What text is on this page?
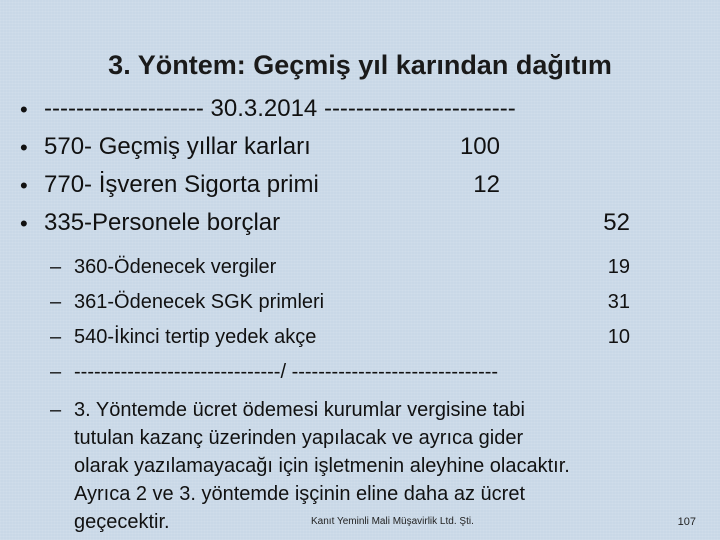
3. Yöntem: Geçmiş yıl karından dağıtım
• -------------------- 30.3.2014 ------------------------
• 570- Geçmiş yıllar karları	100
• 770- İşveren Sigorta primi	12
• 335-Personele borçlar	52
– 360-Ödenecek vergiler	19
– 361-Ödenecek SGK primleri	31
– 540-İkinci tertip yedek akçe	10
– -------------------------------/ -------------------------------
– 3. Yöntemde ücret ödemesi kurumlar vergisine tabi
tutulan kazanç üzerinden yapılacak ve ayrıca gider
olarak yazılamayacağı için işletmenin aleyhine olacaktır.
Ayrıca 2 ve 3. yöntemde işçinin eline daha az ücret
geçecektir.	Kanıt Yeminli Mali Müşavirlik Ltd. Şti.	107
